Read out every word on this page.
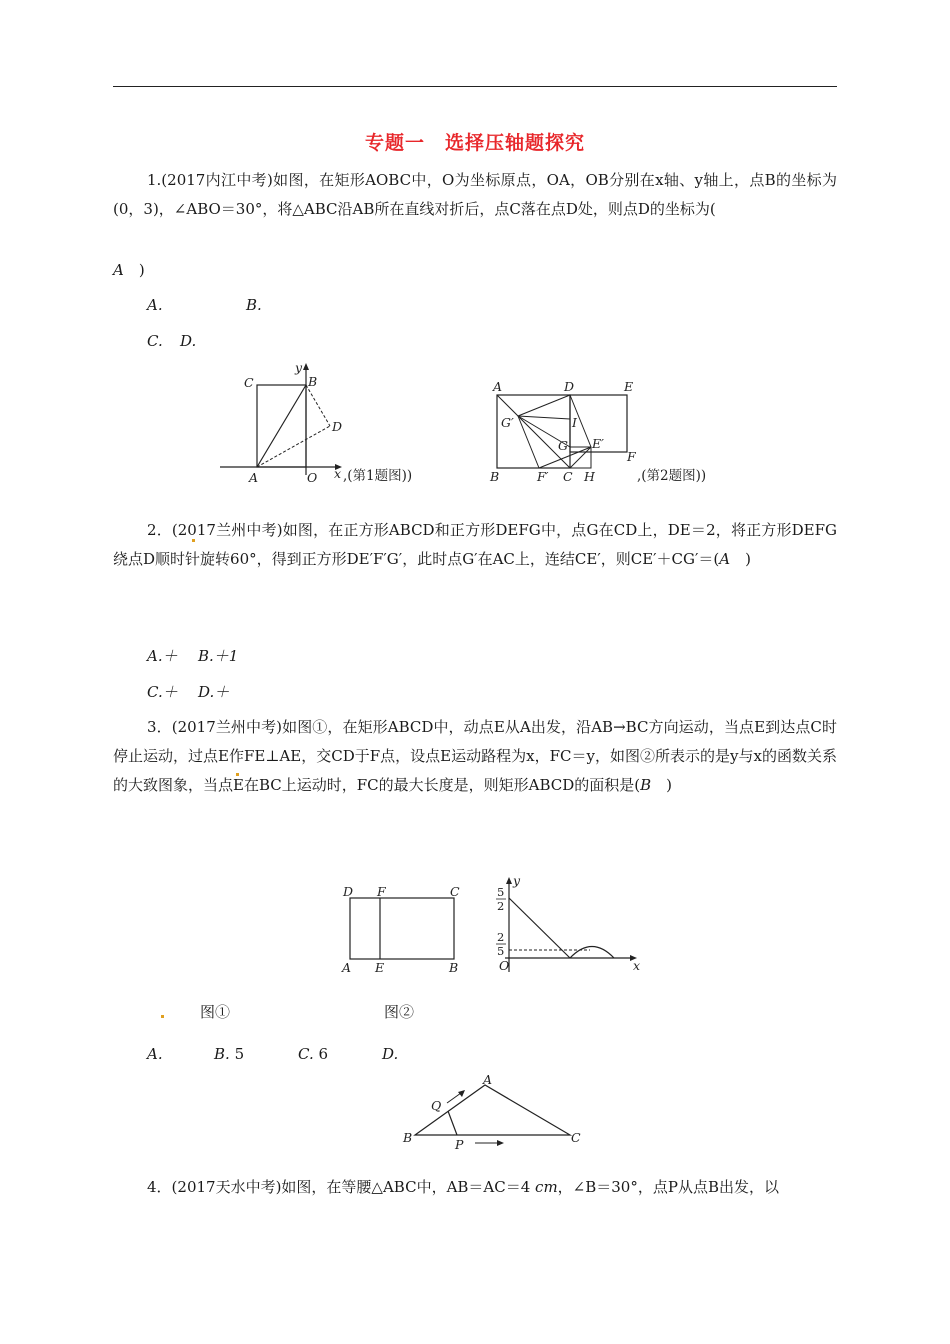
专题一　选择压轴题探究
1.(2017内江中考)如图，在矩形AOBC中，O为坐标原点，OA，OB分别在x轴、y轴上，点B的坐标为(0，3)，∠ABO＝30°，将△ABC沿AB所在直线对折后，点C落在点D处，则点D的坐标为(
A　)
A.	B.
C. D.
C	B
y
D
A	O x ,(第1题图))
A	D	E
G′	I
G E′
F
B	F′ C H	,(第2题图))
2．(2017兰州中考)如图，在正方形ABCD和正方形DEFG中，点G在CD上，DE＝2，将正方形DEFG绕点D顺时针旋转60°，得到正方形DE′F′G′，此时点G′在AC上，连结CE′，则CE′＋CG′＝(A　)
A.＋ B.＋1
C.＋ D.＋
3．(2017兰州中考)如图①，在矩形ABCD中，动点E从A出发，沿AB→BC方向运动，当点E到达点C时停止运动，过点E作FE⊥AE，交CD于F点，设点E运动路程为x，FC＝y，如图②所表示的是y与x的函数关系的大致图象，当点E在BC上运动时，FC的最大长度是，则矩形ABCD的面积是(B　)
D F	C
A E	B
5
2
2
5
y
O	x
图①	图②
A.	B. 5	C. 6	D.
A
Q
B	P	C
4．(2017天水中考)如图，在等腰△ABC中，AB＝AC＝4 cm，∠B＝30°，点P从点B出发，以
